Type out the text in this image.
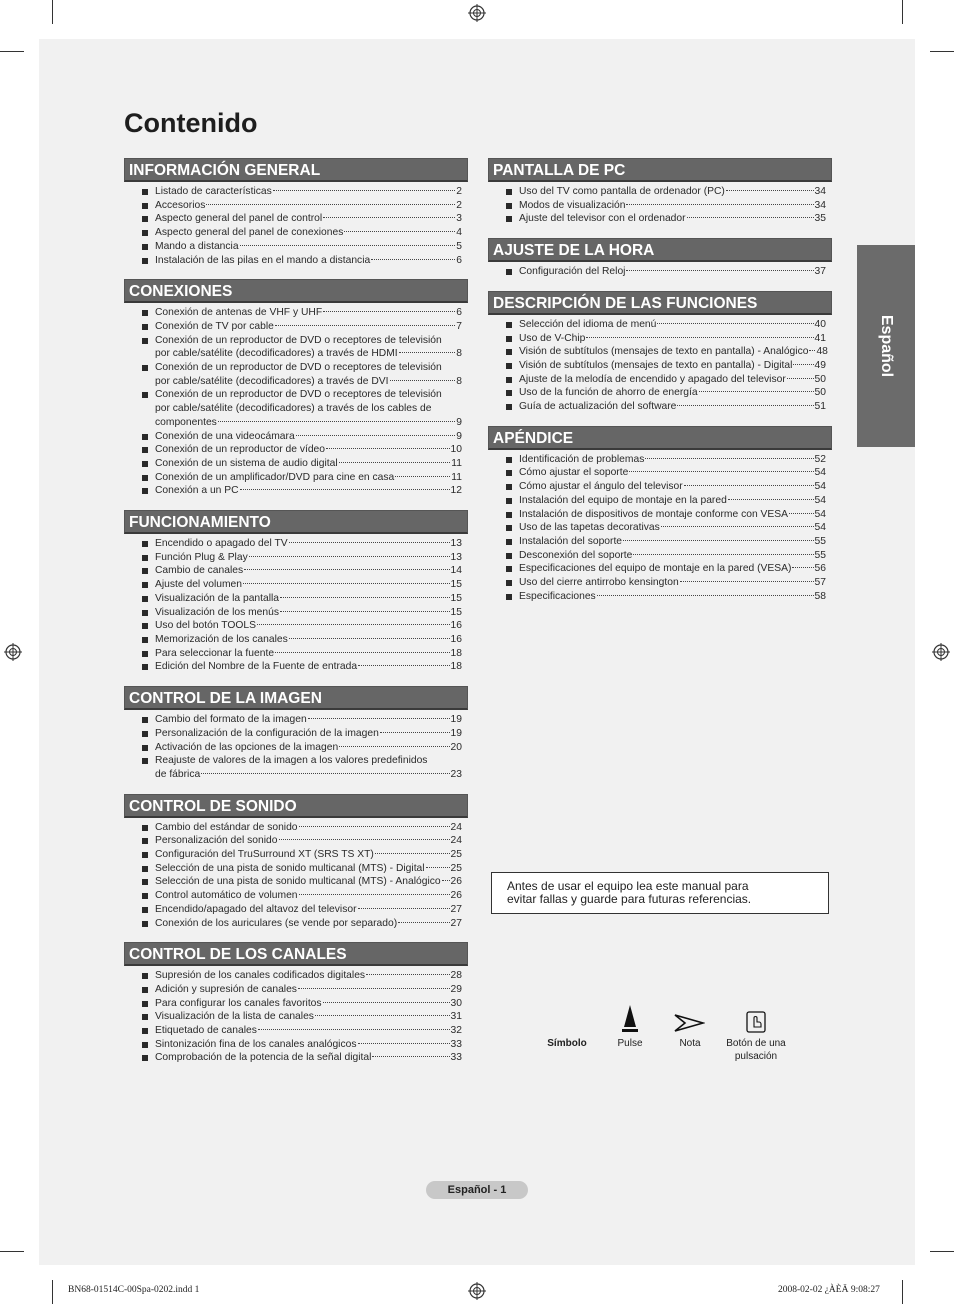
Contenido
Español
INFORMACIÓN GENERAL
Listado de características	2
Accesorios	2
Aspecto general del panel de control	3
Aspecto general del panel de conexiones	4
Mando a distancia	5
Instalación de las pilas en el mando a distancia	6
CONEXIONES
Conexión de antenas de VHF y UHF	6
Conexión de TV por cable	7
Conexión de un reproductor de DVD o receptores de televisión
por cable/satélite (decodificadores) a través de HDMI	8
Conexión de un reproductor de DVD o receptores de televisión
por cable/satélite (decodificadores) a través de DVI	8
Conexión de un reproductor de DVD o receptores de televisión
por cable/satélite (decodificadores) a través de los cables de
componentes	9
Conexión de una videocámara	9
Conexión de un reproductor de vídeo	10
Conexión de un sistema de audio digital	11
Conexión de un amplificador/DVD para cine en casa	11
Conexión a un PC	12
FUNCIONAMIENTO
Encendido o apagado del TV	13
Función Plug & Play	13
Cambio de canales	14
Ajuste del volumen	15
Visualización de la pantalla	15
Visualización de los menús	15
Uso del botón TOOLS	16
Memorización de los canales	16
Para seleccionar la fuente	18
Edición del Nombre de la Fuente de entrada	18
CONTROL DE LA IMAGEN
Cambio del formato de la imagen	19
Personalización de la configuración de la imagen	19
Activación de las opciones de la imagen	20
Reajuste de valores de la imagen a los valores predefinidos
de fábrica	23
CONTROL DE SONIDO
Cambio del estándar de sonido	24
Personalización del sonido	24
Configuración del TruSurround XT (SRS TS XT)	25
Selección de una pista de sonido multicanal (MTS) - Digital	25
Selección de una pista de sonido multicanal (MTS) - Analógico 26
Control automático de volumen	26
Encendido/apagado del altavoz del televisor	27
Conexión de los auriculares (se vende por separado)	27
CONTROL DE LOS CANALES
Supresión de los canales codificados digitales	28
Adición y supresión de canales	29
Para configurar los canales favoritos	30
Visualización de la lista de canales	31
Etiquetado de canales	32
Sintonización fina de los canales analógicos	33
Comprobación de la potencia de la señal digital	33
PANTALLA DE PC
Uso del TV como pantalla de ordenador (PC)	34
Modos de visualización	34
Ajuste del televisor con el ordenador	35
AJUSTE DE LA HORA
Configuración del Reloj	37
DESCRIPCIÓN DE LAS FUNCIONES
Selección del idioma de menú	40
Uso de V-Chip	41
Visión de subtítulos (mensajes de texto en pantalla) - Analógico 48
Visión de subtítulos (mensajes de texto en pantalla) - Digital 49
Ajuste de la melodía de encendido y apagado del televisor	50
Uso de la función de ahorro de energía	50
Guía de actualización del software	51
APÉNDICE
Identificación de problemas	52
Cómo ajustar el soporte	54
Cómo ajustar el ángulo del televisor	54
Instalación del equipo de montaje en la pared	54
Instalación de dispositivos de montaje conforme con VESA	54
Uso de las tapetas decorativas	54
Instalación del soporte	55
Desconexión del soporte	55
Especificaciones del equipo de montaje en la pared (VESA) 56
Uso del cierre antirrobo kensington	57
Especificaciones	58
Antes de usar el equipo lea este manual para
evitar fallas y guarde para futuras referencias.
Símbolo	Pulse	Nota	Botón de una
pulsación
Español - 1
BN68-01514C-00Spa-0202.indd 1	2008-02-02 ¿ÀÈÄ 9:08:27
